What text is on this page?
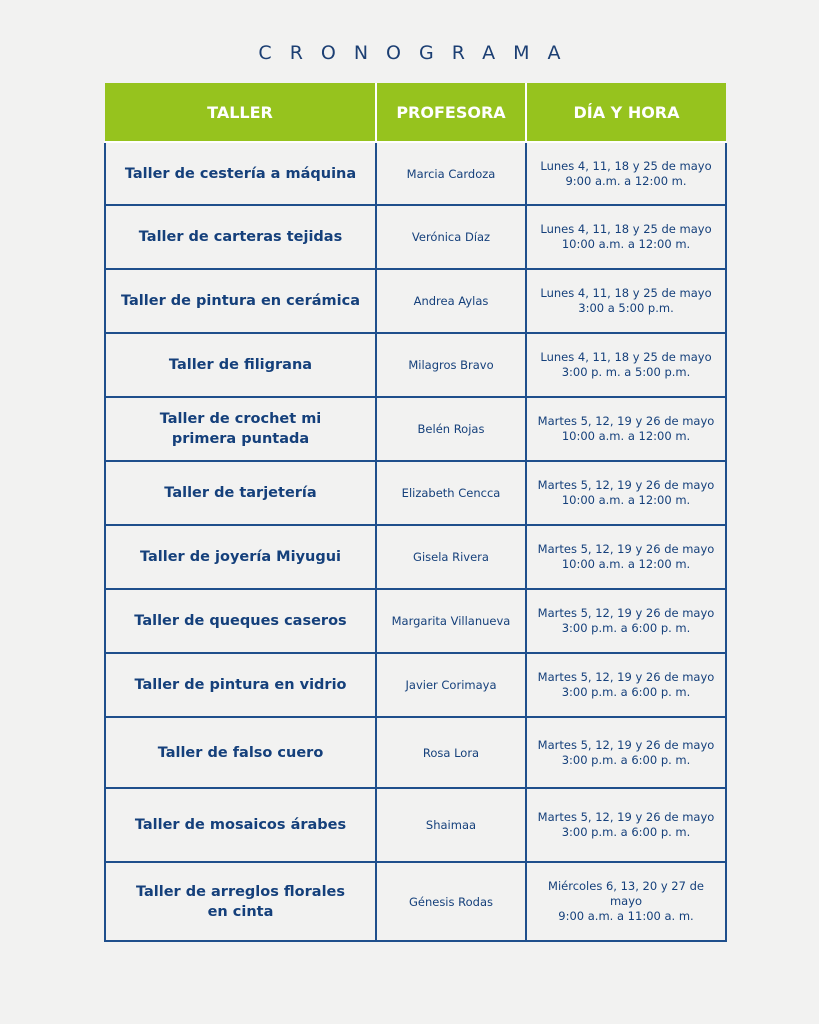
CRONOGRAMA
TALLER	PROFESORA	DÍA Y HORA
Taller de cestería a máquina	Marcia Cardoza	Lunes 4, 11, 18 y 25 de mayo
9:00 a.m. a 12:00 m.

Taller de carteras tejidas	Verónica Díaz	Lunes 4, 11, 18 y 25 de mayo
10:00 a.m. a 12:00 m.

Taller de pintura en cerámica	Andrea Aylas	Lunes 4, 11, 18 y 25 de mayo
3:00 a 5:00 p.m.

Taller de filigrana	Milagros Bravo	Lunes 4, 11, 18 y 25 de mayo
3:00 p. m. a 5:00 p.m.

Taller de crochet mi primera puntada	Belén Rojas	Martes 5, 12, 19 y 26 de mayo
10:00 a.m. a 12:00 m.

Taller de tarjetería	Elizabeth Cencca	Martes 5, 12, 19 y 26 de mayo
10:00 a.m. a 12:00 m.

Taller de joyería Miyugui	Gisela Rivera	Martes 5, 12, 19 y 26 de mayo
10:00 a.m. a 12:00 m.

Taller de queques caseros	Margarita Villanueva	Martes 5, 12, 19 y 26 de mayo
3:00 p.m. a 6:00 p. m.

Taller de pintura en vidrio	Javier Corimaya	Martes 5, 12, 19 y 26 de mayo
3:00 p.m. a 6:00 p. m.

Taller de falso cuero	Rosa Lora	Martes 5, 12, 19 y 26 de mayo
3:00 p.m. a 6:00 p. m.

Taller de mosaicos árabes	Shaimaa	Martes 5, 12, 19 y 26 de mayo
3:00 p.m. a 6:00 p. m.

Taller de arreglos florales en cinta	Génesis Rodas	Miércoles 6, 13, 20 y 27 de mayo
9:00 a.m. a 11:00 a. m.
